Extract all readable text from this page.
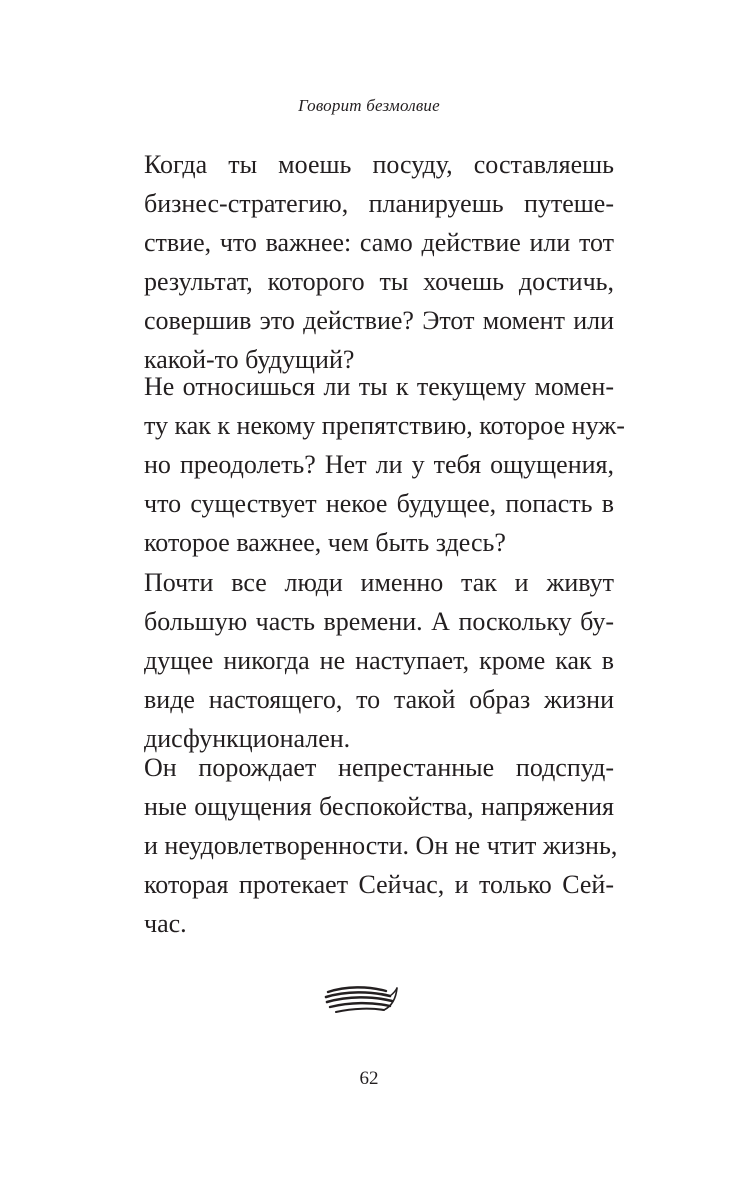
Говорит безмолвие

Когда ты моешь посуду, составляешь
бизнес-стратегию, планируешь путеше-
ствие, что важнее: само действие или тот
результат, которого ты хочешь достичь,
совершив это действие? Этот момент или
какой-то будущий?

Не относишься ли ты к текущему момен-
ту как к некому препятствию, которое нуж-
но преодолеть? Нет ли у тебя ощущения,
что существует некое будущее, попасть в
которое важнее, чем быть здесь?

Почти все люди именно так и живут
большую часть времени. А поскольку бу-
дущее никогда не наступает, кроме как в
виде настоящего, то такой образ жизни
дисфункционален.

Он порождает непрестанные подспуд-
ные ощущения беспокойства, напряжения
и неудовлетворенности. Он не чтит жизнь,
которая протекает Сейчас, и только Сей-
час.

62
